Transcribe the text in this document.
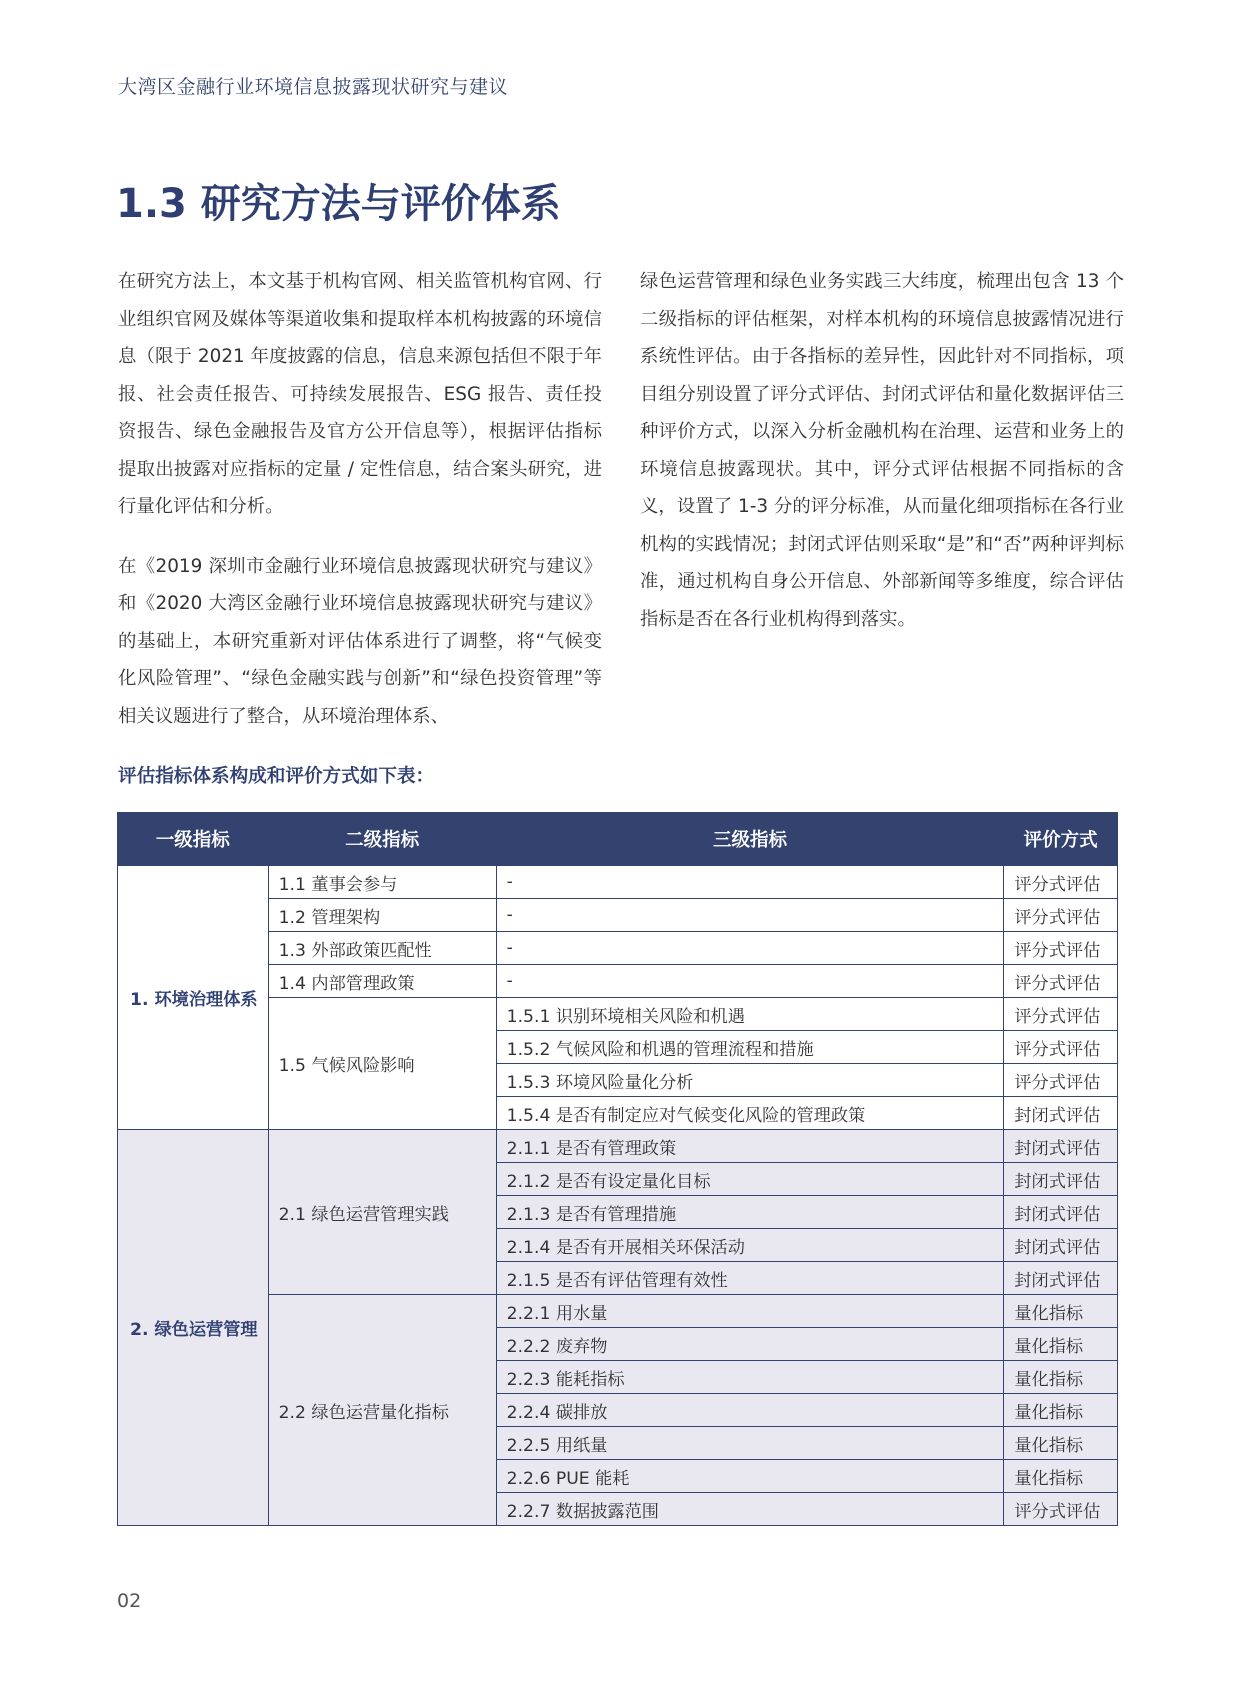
大湾区金融行业环境信息披露现状研究与建议
1.3 研究方法与评价体系

在研究方法上，本文基于机构官网、相关监管机构官网、行业组织官网及媒体等渠道收集和提取样本机构披露的环境信息（限于 2021 年度披露的信息，信息来源包括但不限于年报、社会责任报告、可持续发展报告、ESG 报告、责任投资报告、绿色金融报告及官方公开信息等），根据评估指标提取出披露对应指标的定量 / 定性信息，结合案头研究，进行量化评估和分析。

在《2019 深圳市金融行业环境信息披露现状研究与建议》和《2020 大湾区金融行业环境信息披露现状研究与建议》的基础上，本研究重新对评估体系进行了调整，将“气候变化风险管理”、“绿色金融实践与创新”和“绿色投资管理”等相关议题进行了整合，从环境治理体系、

绿色运营管理和绿色业务实践三大纬度，梳理出包含 13 个二级指标的评估框架，对样本机构的环境信息披露情况进行系统性评估。由于各指标的差异性，因此针对不同指标，项目组分别设置了评分式评估、封闭式评估和量化数据评估三种评价方式，以深入分析金融机构在治理、运营和业务上的环境信息披露现状。其中，评分式评估根据不同指标的含义，设置了 1-3 分的评分标准，从而量化细项指标在各行业机构的实践情况；封闭式评估则采取“是”和“否”两种评判标准，通过机构自身公开信息、外部新闻等多维度，综合评估指标是否在各行业机构得到落实。

评估指标体系构成和评价方式如下表：
一级指标	二级指标	三级指标	评价方式
1. 环境治理体系	1.1 董事会参与	-	评分式评估
	1.2 管理架构	-	评分式评估
	1.3 外部政策匹配性	-	评分式评估
	1.4 内部管理政策	-	评分式评估
	1.5 气候风险影响	1.5.1 识别环境相关风险和机遇	评分式评估
		1.5.2 气候风险和机遇的管理流程和措施	评分式评估
		1.5.3 环境风险量化分析	评分式评估
		1.5.4 是否有制定应对气候变化风险的管理政策	封闭式评估
2. 绿色运营管理	2.1 绿色运营管理实践	2.1.1 是否有管理政策	封闭式评估
		2.1.2 是否有设定量化目标	封闭式评估
		2.1.3 是否有管理措施	封闭式评估
		2.1.4 是否有开展相关环保活动	封闭式评估
		2.1.5 是否有评估管理有效性	封闭式评估
	2.2 绿色运营量化指标	2.2.1 用水量	量化指标
		2.2.2 废弃物	量化指标
		2.2.3 能耗指标	量化指标
		2.2.4 碳排放	量化指标
		2.2.5 用纸量	量化指标
		2.2.6 PUE 能耗	量化指标
		2.2.7 数据披露范围	评分式评估
02
